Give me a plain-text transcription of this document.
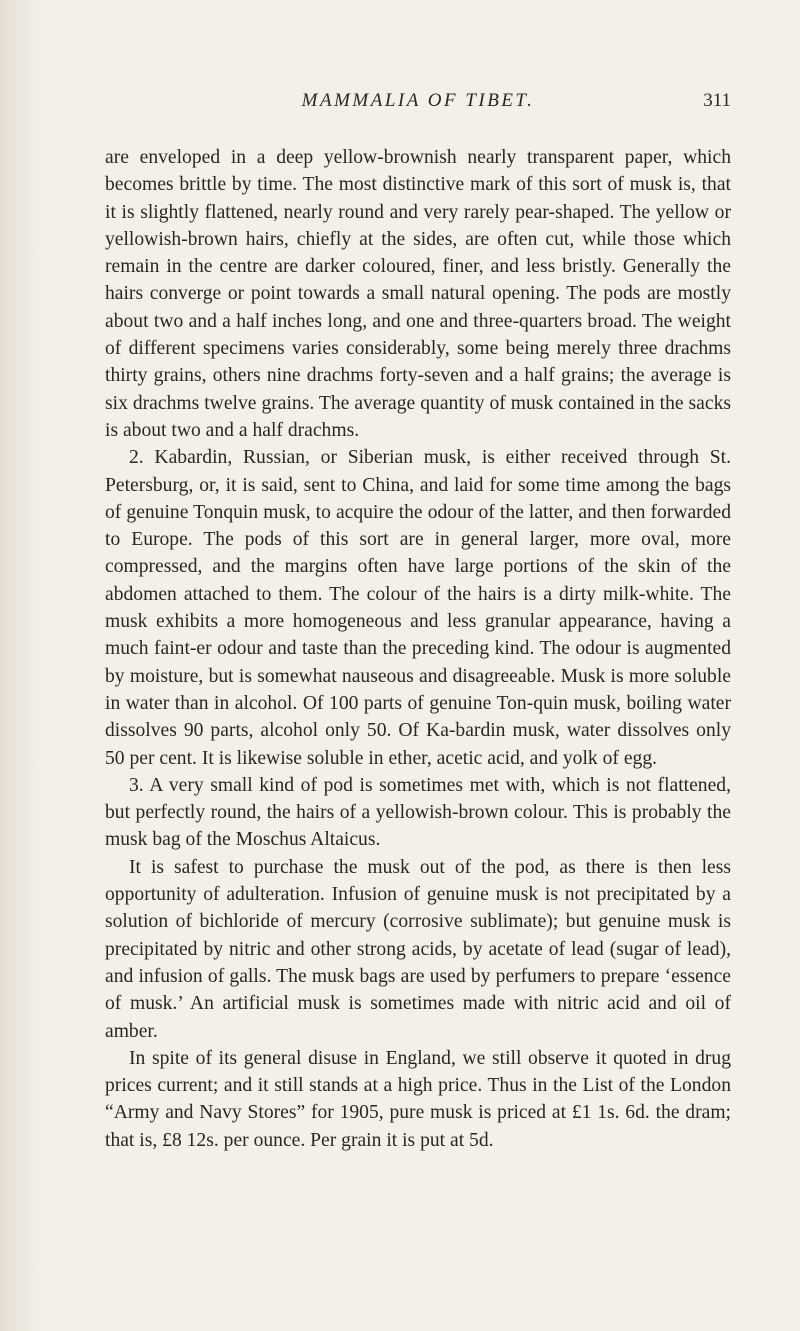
MAMMALIA OF TIBET.	311

are enveloped in a deep yellow-brownish nearly transparent paper, which becomes brittle by time. The most distinctive mark of this sort of musk is, that it is slightly flattened, nearly round and very rarely pear-shaped. The yellow or yellowish-brown hairs, chiefly at the sides, are often cut, while those which remain in the centre are darker coloured, finer, and less bristly. Generally the hairs converge or point towards a small natural opening. The pods are mostly about two and a half inches long, and one and three-quarters broad. The weight of different specimens varies considerably, some being merely three drachms thirty grains, others nine drachms forty-seven and a half grains; the average is six drachms twelve grains. The average quantity of musk contained in the sacks is about two and a half drachms.

2. Kabardin, Russian, or Siberian musk, is either received through St. Petersburg, or, it is said, sent to China, and laid for some time among the bags of genuine Tonquin musk, to acquire the odour of the latter, and then forwarded to Europe. The pods of this sort are in general larger, more oval, more compressed, and the margins often have large portions of the skin of the abdomen attached to them. The colour of the hairs is a dirty milk-white. The musk exhibits a more homogeneous and less granular appearance, having a much faint-er odour and taste than the preceding kind. The odour is augmented by moisture, but is somewhat nauseous and disagreeable. Musk is more soluble in water than in alcohol. Of 100 parts of genuine Ton-quin musk, boiling water dissolves 90 parts, alcohol only 50. Of Ka-bardin musk, water dissolves only 50 per cent. It is likewise soluble in ether, acetic acid, and yolk of egg.

3. A very small kind of pod is sometimes met with, which is not flattened, but perfectly round, the hairs of a yellowish-brown colour. This is probably the musk bag of the Moschus Altaicus.

It is safest to purchase the musk out of the pod, as there is then less opportunity of adulteration. Infusion of genuine musk is not precipitated by a solution of bichloride of mercury (corrosive sublimate); but genuine musk is precipitated by nitric and other strong acids, by acetate of lead (sugar of lead), and infusion of galls. The musk bags are used by perfumers to prepare ‘essence of musk.’ An artificial musk is sometimes made with nitric acid and oil of amber.

In spite of its general disuse in England, we still observe it quoted in drug prices current; and it still stands at a high price. Thus in the List of the London “Army and Navy Stores” for 1905, pure musk is priced at £1 1s. 6d. the dram; that is, £8 12s. per ounce. Per grain it is put at 5d.
